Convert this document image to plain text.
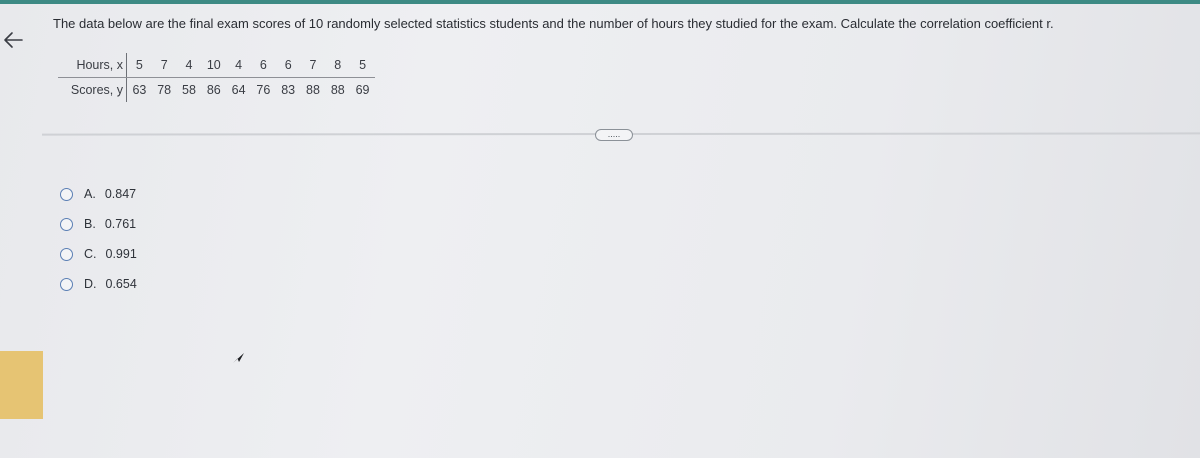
The data below are the final exam scores of 10 randomly selected statistics students and the number of hours they studied for the exam. Calculate the correlation coefficient r.
Hours, x	5	7	4	10	4	6	6	7	8	5
Scores, y 63 78 58 86 64 76 83 88 88 69
.....
A. 0.847
B. 0.761
C. 0.991
D. 0.654
